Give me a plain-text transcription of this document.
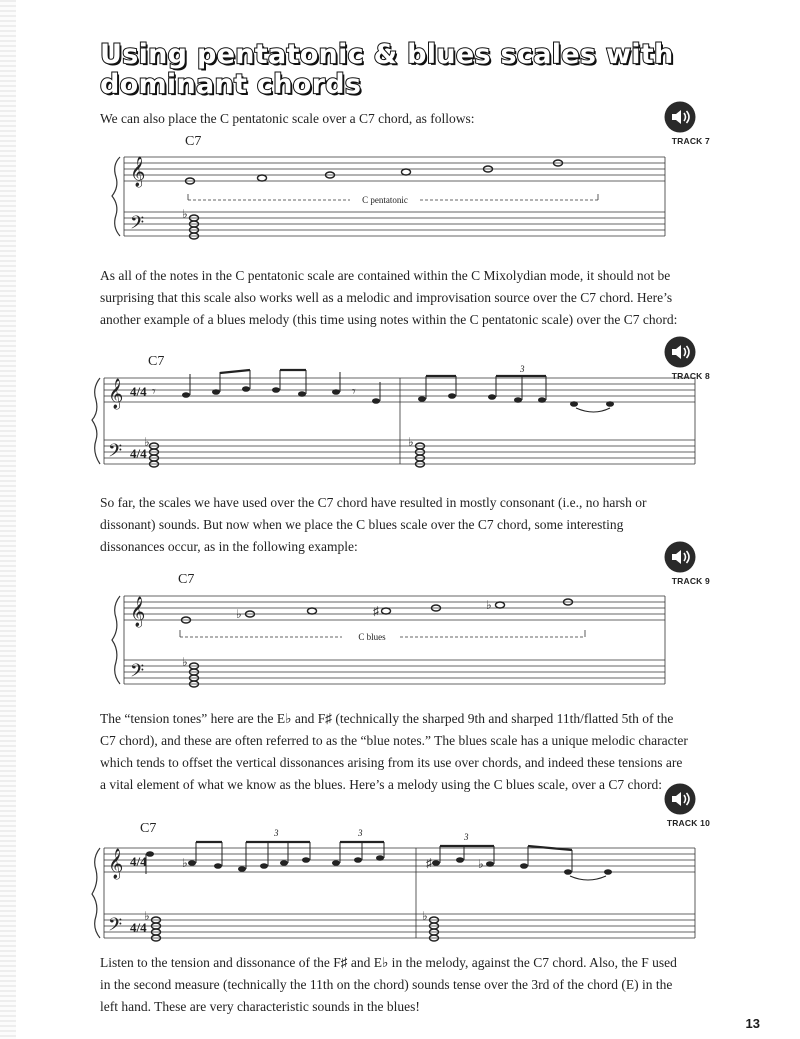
Using pentatonic & blues scales with dominant chords

We can also place the C pentatonic scale over a C7 chord, as follows:

TRACK 7
C7
𝄞
𝄢	♭
C pentatonic

As all of the notes in the C pentatonic scale are contained within the C Mixolydian mode, it should not be surprising that this scale also works well as a melodic and improvisation source over the C7 chord. Here’s another example of a blues melody (this time using notes within the C pentatonic scale) over the C7 chord:

TRACK 8
C7
𝄞
𝄢
4/4
4/4
3
𝄾	𝄾
♭	♭

So far, the scales we have used over the C7 chord have resulted in mostly consonant (i.e., no harsh or dissonant) sounds. But now when we place the C blues scale over the C7 chord, some interesting dissonances occur, as in the following example:

TRACK 9
C7
𝄞
𝄢
♭	♯	♭
♭
C blues

The “tension tones” here are the E♭ and F♯ (technically the sharped 9th and sharped 11th/flatted 5th of the C7 chord), and these are often referred to as the “blue notes.” The blues scale has a unique melodic character which tends to offset the vertical dissonances arising from its use over chords, and indeed these tensions are a vital element of what we know as the blues. Here’s a melody using the C blues scale, over a C7 chord:

TRACK 10
C7
𝄞
𝄢
4/4
4/4
♭	♯	♭
3	3	3
♭	♭

Listen to the tension and dissonance of the F♯ and E♭ in the melody, against the C7 chord. Also, the F used in the second measure (technically the 11th on the chord) sounds tense over the 3rd of the chord (E) in the left hand. These are very characteristic sounds in the blues!

13
